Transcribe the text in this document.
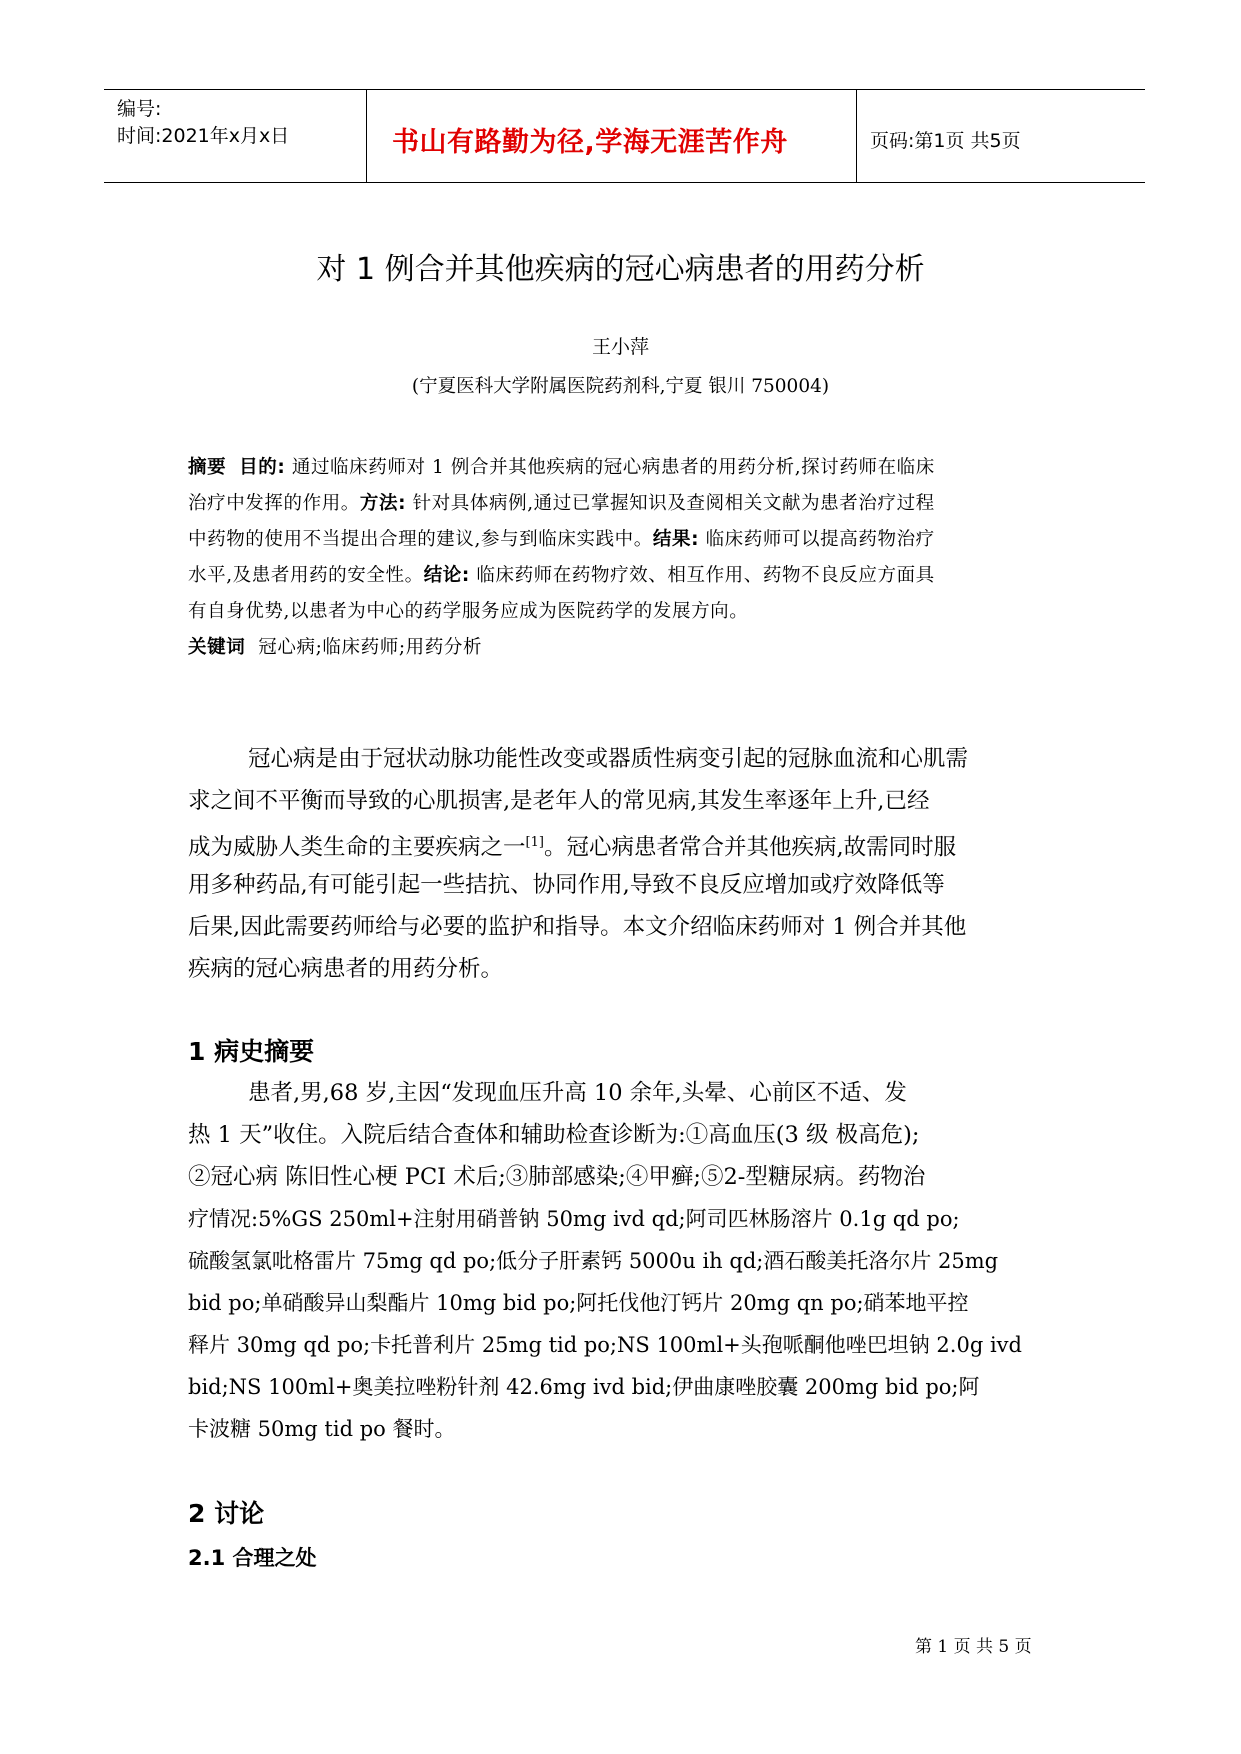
编号:
时间:2021年x月x日	书山有路勤为径,学海无涯苦作舟	页码:第1页 共5页
对 1 例合并其他疾病的冠心病患者的用药分析
王小萍
(宁夏医科大学附属医院药剂科,宁夏 银川 750004)
摘要 目的: 通过临床药师对 1 例合并其他疾病的冠心病患者的用药分析,探讨药师在临床
治疗中发挥的作用。方法: 针对具体病例,通过已掌握知识及查阅相关文献为患者治疗过程
中药物的使用不当提出合理的建议,参与到临床实践中。结果: 临床药师可以提高药物治疗
水平,及患者用药的安全性。结论: 临床药师在药物疗效、相互作用、药物不良反应方面具
有自身优势,以患者为中心的药学服务应成为医院药学的发展方向。
关键词 冠心病;临床药师;用药分析
冠心病是由于冠状动脉功能性改变或器质性病变引起的冠脉血流和心肌需
求之间不平衡而导致的心肌损害,是老年人的常见病,其发生率逐年上升,已经
成为威胁人类生命的主要疾病之一[1]。冠心病患者常合并其他疾病,故需同时服
用多种药品,有可能引起一些拮抗、协同作用,导致不良反应增加或疗效降低等
后果,因此需要药师给与必要的监护和指导。本文介绍临床药师对 1 例合并其他
疾病的冠心病患者的用药分析。
1 病史摘要
患者,男,68 岁,主因“发现血压升高 10 余年,头晕、心前区不适、发
热 1 天”收住。入院后结合查体和辅助检查诊断为:①高血压(3 级 极高危);
②冠心病 陈旧性心梗 PCI 术后;③肺部感染;④甲癣;⑤2-型糖尿病。药物治
疗情况:5%GS 250ml+注射用硝普钠 50mg ivd qd;阿司匹林肠溶片 0.1g qd po;
硫酸氢氯吡格雷片 75mg qd po;低分子肝素钙 5000u ih qd;酒石酸美托洛尔片 25mg
bid po;单硝酸异山梨酯片 10mg bid po;阿托伐他汀钙片 20mg qn po;硝苯地平控
释片 30mg qd po;卡托普利片 25mg tid po;NS 100ml+头孢哌酮他唑巴坦钠 2.0g ivd
bid;NS 100ml+奥美拉唑粉针剂 42.6mg ivd bid;伊曲康唑胶囊 200mg bid po;阿
卡波糖 50mg tid po 餐时。
2 讨论
2.1 合理之处
第 1 页 共 5 页
